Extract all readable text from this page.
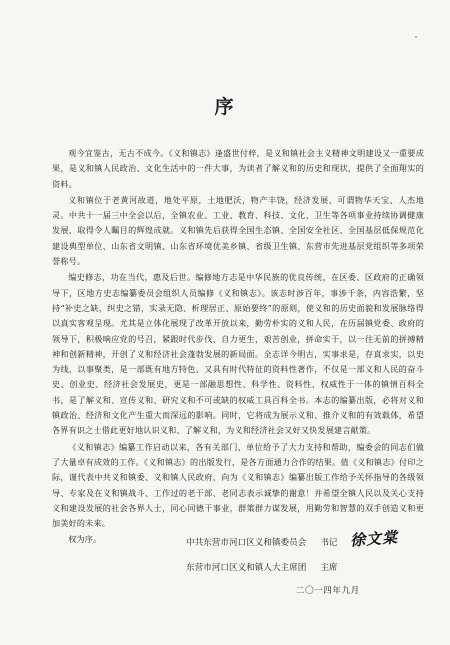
序

观今宜鉴古，无古不成今。《义和镇志》逢盛世付梓，是义和镇社会主义精神文明建设又一重要成果，是义和镇人民政治、文化生活中的一件大事，为读者了解义和的历史和现状，提供了全面翔实的资料。

义和镇位于老黄河故道，地处平原，土地肥沃，物产丰饶，经济发展，可谓物华天宝、人杰地灵。中共十一届三中全会以后，全镇农业、工业、教育、科技、文化、卫生等各项事业持续协调健康发展，取得令人瞩目的辉煌成就。义和镇先后获得全国生态镇、全国安全社区、全国基层低保规范化建设典型单位、山东省文明镇、山东省环境优美乡镇、省级卫生镇、东营市先进基层党组织等多项荣誉称号。

编史修志，功在当代，惠及后世。编修地方志是中华民族的优良传统，在区委、区政府的正确领导下，区地方史志编纂委员会组织人员编修《义和镇志》。该志时涉百年，事涉千条，内容浩繁，坚持“补史之缺，纠史之错，实录无隐、析理居正、原始要终”的原则，使义和的历史面貌和发展脉络得以真实客观呈现。尤其是立体化展现了改革开放以来，勤劳朴实的义和人民，在历届镇党委、政府的领导下，积极响应党的号召，紧跟时代步伐，自力更生，艰苦创业，拼命实干，以一往无前的拼搏精神和创新精神，开创了义和经济社会蓬勃发展的新局面。全志详今明古，实事求是，存真求实，以史为线，以事聚类，是一部既有地方特色、又具有时代特征的资料性著作，不仅是一部义和人民的奋斗史、创业史、经济社会发展史，更是一部融思想性、科学性、资料性、权威性于一体的镇情百科全书，是了解义和、宣传义和、研究义和不可或缺的权威工具百科全书。本志的编纂出版，必将对义和镇政治、经济和文化产生重大而深远的影响。同时，它将成为展示义和、推介义和的有效载体，希望各界有识之士借此更好地认识义和、了解义和，为义和经济社会又好又快发展建言献策。

《义和镇志》编纂工作启动以来，各有关部门、单位给予了大力支持和帮助，编委会的同志们做了大量卓有成效的工作。《义和镇志》的出版发行，是各方面通力合作的结果。值《义和镇志》付印之际，谨代表中共义和镇委、义和镇人民政府，向为《义和镇志》编纂出版工作给予关怀指导的各级领导、专家及在义和镇战斗、工作过的老干部、老同志表示诚挚的谢意！并希望全镇人民以及关心支持义和建设发展的社会各界人士，同心同德干事业，群策群力谋发展，用勤劳和智慧的双手创造义和更加美好的未来。

权为序。	中共东营市河口区义和镇委员会 书记
东营市河口区义和镇人大主席团 主席
徐文棠
二〇一四年九月
